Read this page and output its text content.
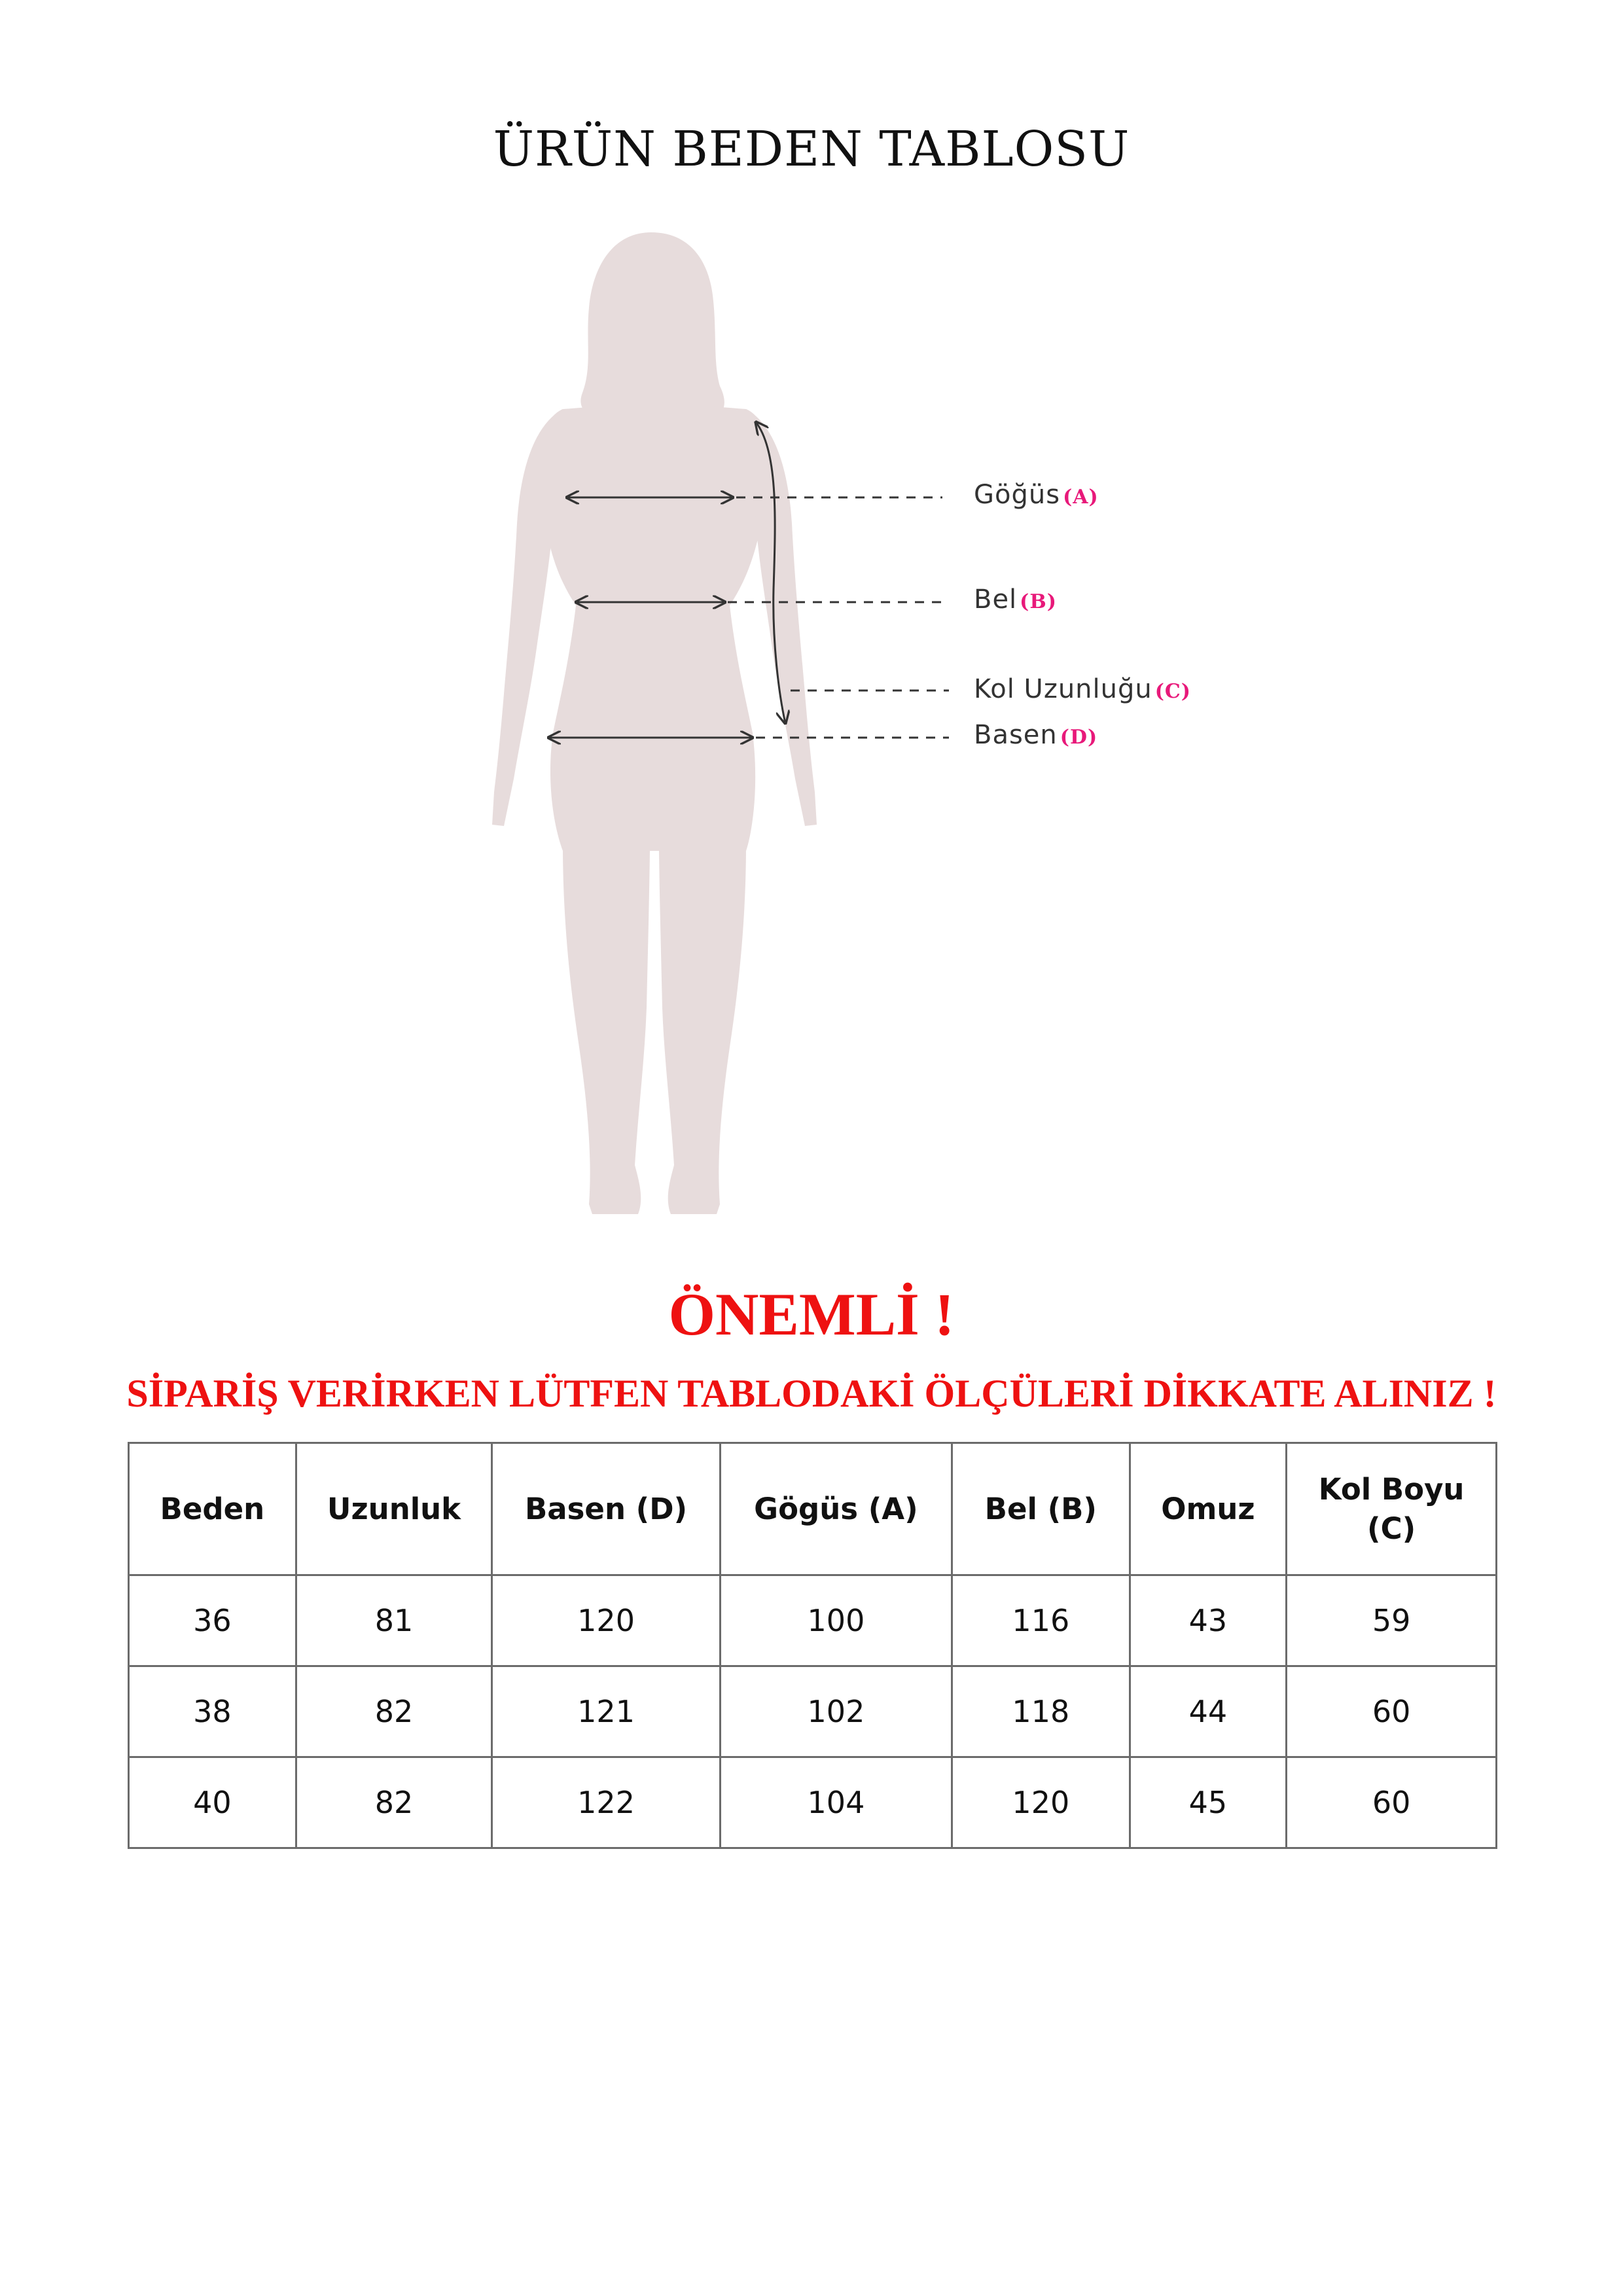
ÜRÜN BEDEN TABLOSU
Göğüs (A)
Bel (B)
Kol Uzunluğu (C)
Basen (D)
ÖNEMLİ !
SİPARİŞ VERİRKEN LÜTFEN TABLODAKİ ÖLÇÜLERİ DİKKATE ALINIZ !
Beden	Uzunluk	Basen (D)	Gögüs (A)	Bel (B)	Omuz	Kol Boyu (C)
36	81	120	100	116	43	59
38	82	121	102	118	44	60
40	82	122	104	120	45	60
